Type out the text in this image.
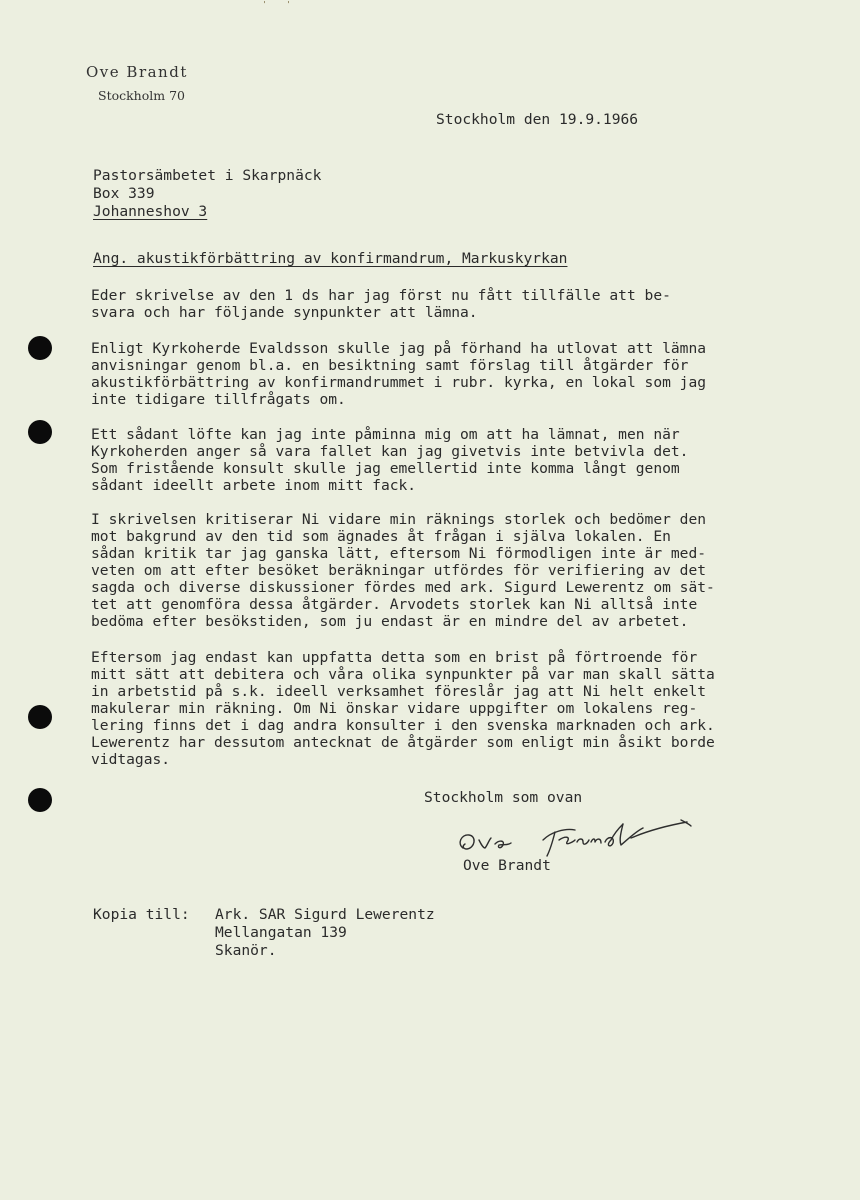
'    '
Ove Brandt
Stockholm 70
Stockholm den 19.9.1966
Pastorsämbetet i Skarpnäck
Box 339
Johanneshov 3
Ang. akustikförbättring av konfirmandrum, Markuskyrkan
Eder skrivelse av den 1 ds har jag först nu fått tillfälle att be-
svara och har följande synpunkter att lämna.
Enligt Kyrkoherde Evaldsson skulle jag på förhand ha utlovat att lämna
anvisningar genom bl.a. en besiktning samt förslag till åtgärder för
akustikförbättring av konfirmandrummet i rubr. kyrka, en lokal som jag
inte tidigare tillfrågats om.
Ett sådant löfte kan jag inte påminna mig om att ha lämnat, men när
Kyrkoherden anger så vara fallet kan jag givetvis inte betvivla det.
Som fristående konsult skulle jag emellertid inte komma långt genom
sådant ideellt arbete inom mitt fack.
I skrivelsen kritiserar Ni vidare min räknings storlek och bedömer den
mot bakgrund av den tid som ägnades åt frågan i själva lokalen. En
sådan kritik tar jag ganska lätt, eftersom Ni förmodligen inte är med-
veten om att efter besöket beräkningar utfördes för verifiering av det
sagda och diverse diskussioner fördes med ark. Sigurd Lewerentz om sät-
tet att genomföra dessa åtgärder. Arvodets storlek kan Ni alltså inte
bedöma efter besökstiden, som ju endast är en mindre del av arbetet.
Eftersom jag endast kan uppfatta detta som en brist på förtroende för
mitt sätt att debitera och våra olika synpunkter på var man skall sätta
in arbetstid på s.k. ideell verksamhet föreslår jag att Ni helt enkelt
makulerar min räkning. Om Ni önskar vidare uppgifter om lokalens reg-
lering finns det i dag andra konsulter i den svenska marknaden och ark.
Lewerentz har dessutom antecknat de åtgärder som enligt min åsikt borde
vidtagas.
Stockholm som ovan
Ove Brandt
Kopia till: Ark. SAR Sigurd Lewerentz
Mellangatan 139
Skanör.
